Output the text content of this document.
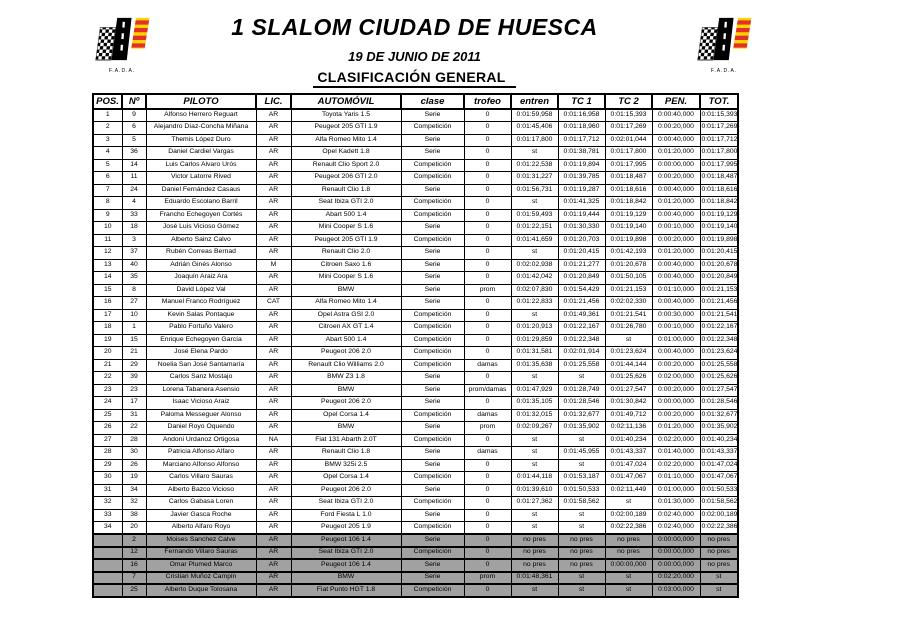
F.A.D.A.	F.A.D.A.
1 SLALOM CIUDAD DE HUESCA
19 DE JUNIO DE 2011
CLASIFICACIÓN GENERAL
POS.	Nº	PILOTO	LIC.	AUTOMÓVIL	clase	trofeo	entren	TC 1	TC 2	PEN.	TOT.
1	9	Alfonso Herrero Reguart	AR	Toyota Yaris 1.5	Serie	0	0:01:59,958	0:01:16,958	0:01:15,393	0:00:40,000	0:01:15,393
2	6	Alejandro Díaz-Concha Miñana	AR	Peugeot 205 GTI 1.9	Competición	0	0:01:45,406	0:01:18,960	0:01:17,269	0:00:20,000	0:01:17,269
3	5	Themis López Duro	AR	Alfa Romeo Mito 1.4	Serie	0	0:01:17,800	0:01:17,712	0:02:01,044	0:00:40,000	0:01:17,712
4	36	Daniel Cardiel Vargas	AR	Opel Kadett 1.8	Serie	0	st	0:01:38,781	0:01:17,800	0:01:20,000	0:01:17,800
5	14	Luis Carlos Alvaro Urós	AR	Renault Clio Sport 2.0	Competición	0	0:01:22,538	0:01:19,894	0:01:17,995	0:00:00,000	0:01:17,995
6	11	Victor Latorre Rived	AR	Peugeot 206 GTI 2.0	Competición	0	0:01:31,227	0:01:39,785	0:01:18,487	0:00:20,000	0:01:18,487
7	24	Daniel Fernández Casaus	AR	Renault Clio 1.8	Serie	0	0:01:56,731	0:01:19,287	0:01:18,616	0:00:40,000	0:01:18,616
8	4	Eduardo Escolano Barril	AR	Seat Ibiza GTI 2.0	Competición	0	st	0:01:41,325	0:01:18,842	0:01:20,000	0:01:18,842
9	33	Francho Echegoyen Cortés	AR	Abart 500 1.4	Competición	0	0:01:59,493	0:01:19,444	0:01:19,129	0:00:40,000	0:01:19,129
10	18	José Luis Vicioso Gómez	AR	Mini Cooper S 1.6	Serie	0	0:01:22,151	0:01:30,330	0:01:19,140	0:00:10,000	0:01:19,140
11	3	Alberto Sainz Calvo	AR	Peugeot 205 GTI 1.9	Competición	0	0:01:41,659	0:01:20,703	0:01:19,898	0:00:20,000	0:01:19,898
12	37	Rubén Correas Bernad	AR	Renault Clio 2.0	Serie	0	st	0:01:20,415	0:01:42,193	0:01:20,000	0:01:20,415
13	40	Adrián Ginés Alonso	M	Citroen Saxo 1.6	Serie	0	0:02:02,938	0:01:21,277	0:01:20,678	0:00:40,000	0:01:20,678
14	35	Joaquín Araiz Ara	AR	Mini Cooper S 1.6	Serie	0	0:01:42,042	0:01:20,849	0:01:50,105	0:00:40,000	0:01:20,849
15	8	David López Val	AR	BMW	Serie	prom	0:02:07,830	0:01:54,429	0:01:21,153	0:01:10,000	0:01:21,153
16	27	Manuel Franco Rodríguez	CAT	Alfa Romeo Mito 1.4	Serie	0	0:01:22,833	0:01:21,456	0:02:02,330	0:00:40,000	0:01:21,456
17	10	Kevin Salas Pontaque	AR	Opel Astra GSI 2.0	Competición	0	st	0:01:49,361	0:01:21,541	0:00:30,000	0:01:21,541
18	1	Pablo Fortuño Valero	AR	Citroen AX GT 1.4	Competición	0	0:01:20,913	0:01:22,167	0:01:26,780	0:00:10,000	0:01:22,167
19	15	Enrique Echegoyen García	AR	Abart 500 1.4	Competición	0	0:01:29,859	0:01:22,348	st	0:01:00,000	0:01:22,348
20	21	José Elena Pardo	AR	Peugeot 206 2.0	Competición	0	0:01:31,581	0:02:01,914	0:01:23,624	0:00:40,000	0:01:23,624
21	29	Noelia San José Santamaría	AR	Renault Clio Williams 2.0	Competición	damas	0:01:35,638	0:01:25,558	0:01:44,144	0:00:20,000	0:01:25,558
22	39	Carlos Sanz Mostajo	AR	BMW Z3 1.8	Serie	0	st	st	0:01:25,626	0:02:00,000	0:01:25,626
23	23	Lorena Tabanera Asensio	AR	BMW	Serie	prom/damas	0:01:47,929	0:01:28,749	0:01:27,547	0:00:20,000	0:01:27,547
24	17	Isaac Vicioso Araiz	AR	Peugeot 206 2.0	Serie	0	0:01:35,105	0:01:28,546	0:01:30,842	0:00:00,000	0:01:28,546
25	31	Paloma Messeguer Alonso	AR	Opel Corsa 1.4	Competición	damas	0:01:32,015	0:01:32,677	0:01:49,712	0:00:20,000	0:01:32,677
26	22	Daniel Royo Oquendo	AR	BMW	Serie	prom	0:02:09,267	0:01:35,902	0:02:11,136	0:01:20,000	0:01:35,902
27	28	Andoni Urdanoz Ortigosa	NA	Fiat 131 Abarth 2.0T	Competición	0	st	st	0:01:40,234	0:02:20,000	0:01:40,234
28	30	Patricia Alfonso Alfaro	AR	Renault Clio 1.8	Serie	damas	st	0:01:45,955	0:01:43,337	0:01:40,000	0:01:43,337
29	26	Marciano Alfonso Alfonso	AR	BMW 325i 2.5	Serie	0	st	st	0:01:47,024	0:02:20,000	0:01:47,024
30	19	Carlos Villaro Sauras	AR	Opel Corsa 1.4	Competición	0	0:01:44,118	0:01:53,187	0:01:47,067	0:01:10,000	0:01:47,067
31	34	Alberto Bazco Vicioso	AR	Peugeot 206 2.0	Serie	0	0:01:39,610	0:01:50,533	0:02:11,449	0:01:00,000	0:01:50,533
32	32	Carlos Gabasa Loren	AR	Seat Ibiza GTI 2.0	Competición	0	0:01:27,362	0:01:58,562	st	0:01:30,000	0:01:58,562
33	38	Javier Gasca Roche	AR	Ford Fiesta L 1.0	Serie	0	st	st	0:02:00,189	0:02:40,000	0:02:00,189
34	20	Alberto Alfaro Royo	AR	Peugeot 205 1.9	Competición	0	st	st	0:02:22,386	0:02:40,000	0:02:22,386
	2	Moises Sanchez Calve	AR	Peugeot 106 1.4	Serie	0	no pres	no pres	no pres	0:00:00,000	no pres
	12	Fernando Villaro Sauras	AR	Seat Ibiza GTI 2.0	Competición	0	no pres	no pres	no pres	0:00:00,000	no pres
	16	Omar Plumed Marco	AR	Peugeot 106 1.4	Serie	0	no pres	no pres	0:00:00,000	0:00:00,000	no pres
	7	Cristian Muñoz Campin	AR	BMW	Serie	prom	0:01:48,361	st	st	0:02:20,000	st
	25	Alberto Duque Tolosana	AR	Fiat Punto HGT 1.8	Competición	0	st	st	st	0:03:00,000	st
